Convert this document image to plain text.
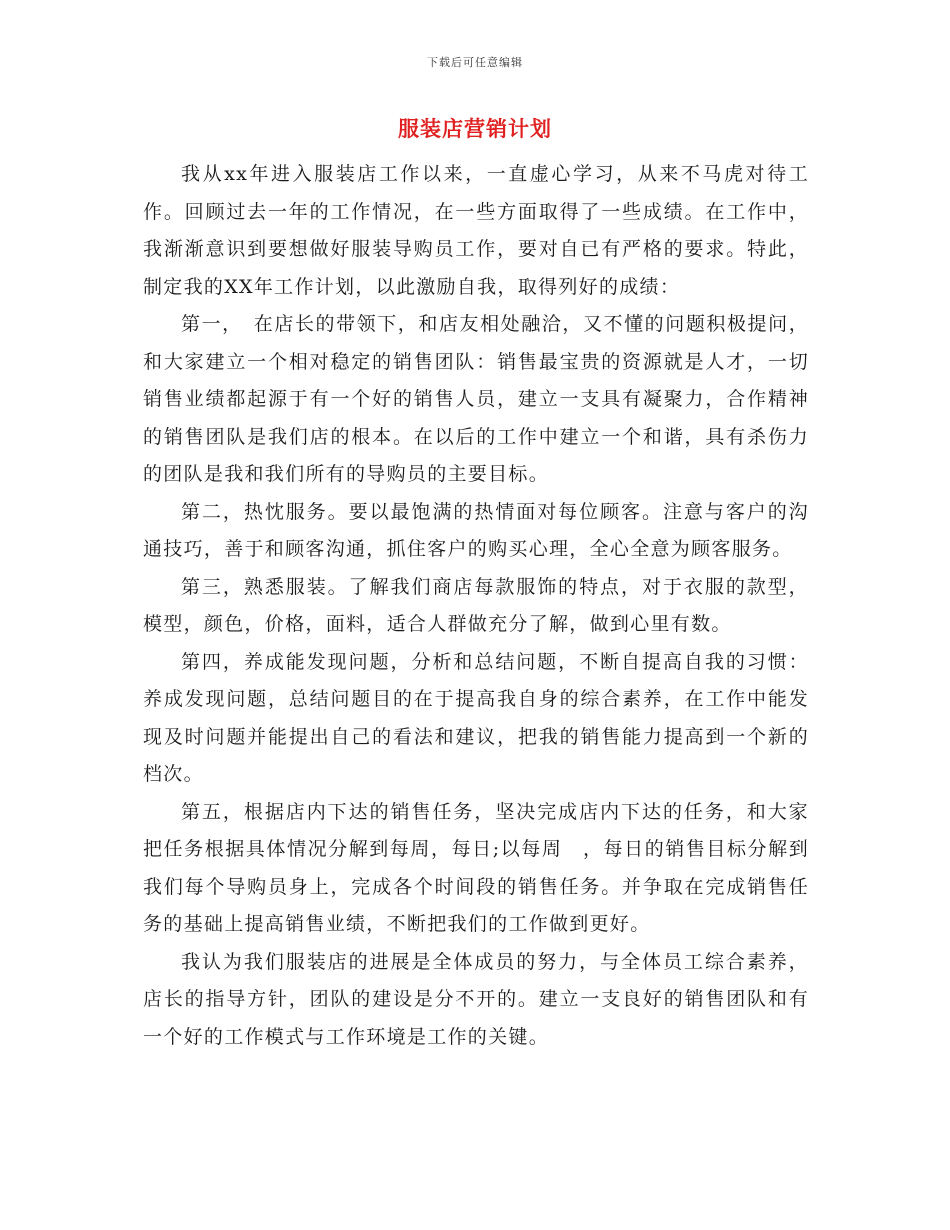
下载后可任意编辑
服装店营销计划

我从xx年进入服装店工作以来，一直虚心学习，从来不马虎对待工作。回顾过去一年的工作情况，在一些方面取得了一些成绩。在工作中，我渐渐意识到要想做好服装导购员工作，要对自已有严格的要求。特此，制定我的XX年工作计划，以此激励自我，取得列好的成绩：

第一，　在店长的带领下，和店友相处融洽，又不懂的问题积极提问，和大家建立一个相对稳定的销售团队：销售最宝贵的资源就是人才，一切销售业绩都起源于有一个好的销售人员，建立一支具有凝聚力，合作精神的销售团队是我们店的根本。在以后的工作中建立一个和谐，具有杀伤力的团队是我和我们所有的导购员的主要目标。

第二，热忱服务。要以最饱满的热情面对每位顾客。注意与客户的沟通技巧，善于和顾客沟通，抓住客户的购买心理，全心全意为顾客服务。

第三，熟悉服装。了解我们商店每款服饰的特点，对于衣服的款型，模型，颜色，价格，面料，适合人群做充分了解，做到心里有数。

第四，养成能发现问题，分析和总结问题，不断自提高自我的习惯：养成发现问题，总结问题目的在于提高我自身的综合素养，在工作中能发现及时问题并能提出自己的看法和建议，把我的销售能力提高到一个新的档次。

第五，根据店内下达的销售任务，坚决完成店内下达的任务，和大家把任务根据具体情况分解到每周，每日;以每周　，每日的销售目标分解到我们每个导购员身上，完成各个时间段的销售任务。并争取在完成销售任务的基础上提高销售业绩，不断把我们的工作做到更好。

我认为我们服装店的进展是全体成员的努力，与全体员工综合素养，店长的指导方针，团队的建设是分不开的。建立一支良好的销售团队和有一个好的工作模式与工作环境是工作的关键。
